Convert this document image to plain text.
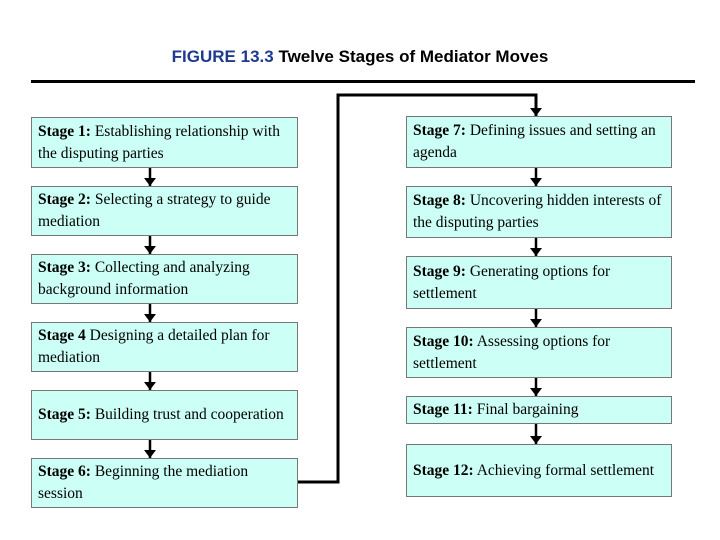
FIGURE 13.3 Twelve Stages of Mediator Moves
Stage 1: Establishing relationship with the disputing parties
Stage 2: Selecting a strategy to guide mediation
Stage 3: Collecting and analyzing background information
Stage 4 Designing a detailed plan for mediation
Stage 5: Building trust and cooperation
Stage 6: Beginning the mediation session
Stage 7: Defining issues and setting an agenda
Stage 8: Uncovering hidden interests of the disputing parties
Stage 9: Generating options for settlement
Stage 10: Assessing options for settlement
Stage 11: Final bargaining
Stage 12: Achieving formal settlement
